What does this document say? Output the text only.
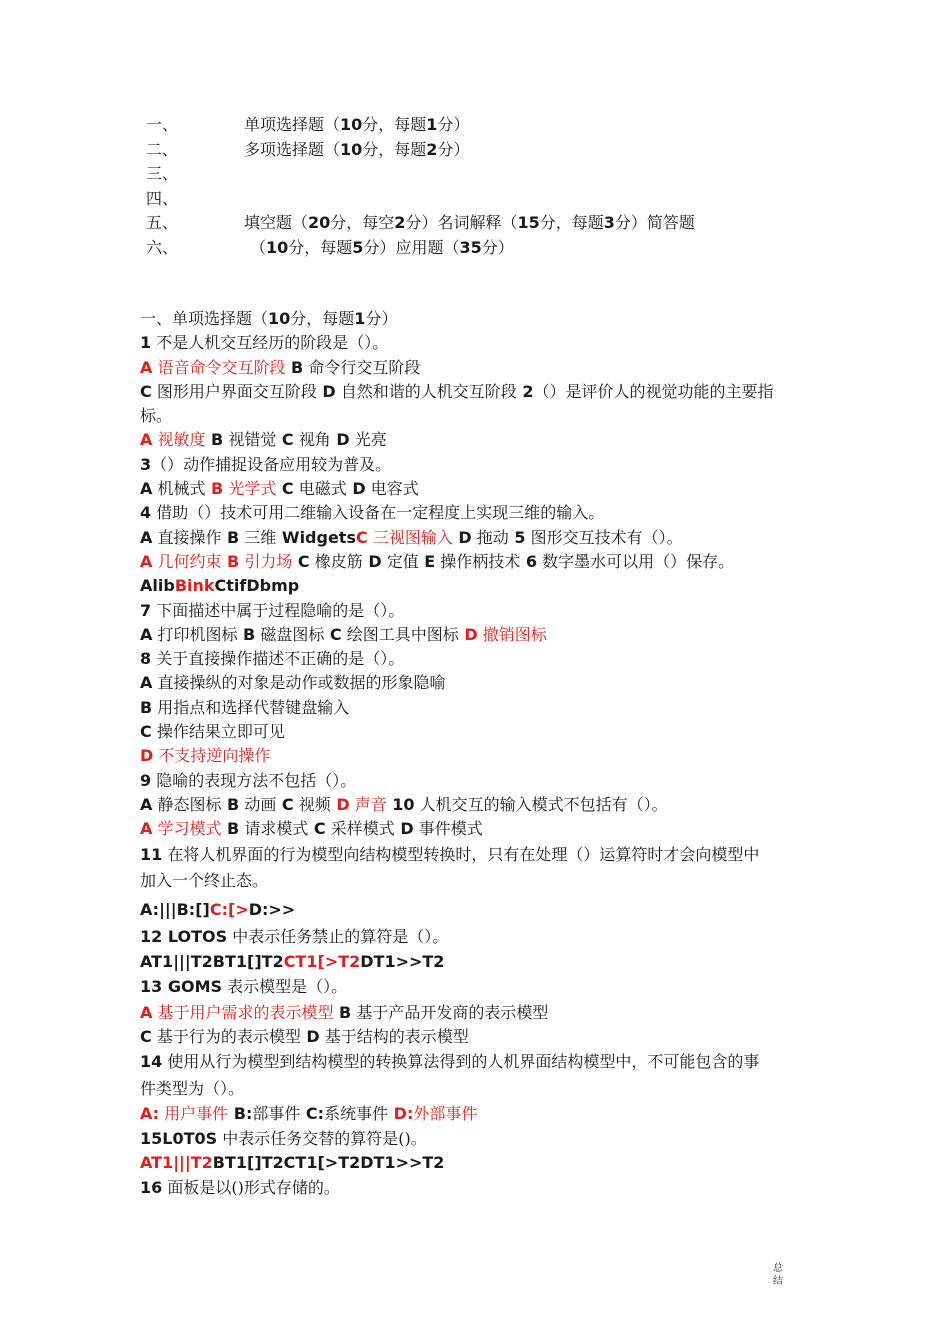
一、	单项选择题（10分，每题1分）
二、	多项选择题（10分，每题2分）
三、
四、
五、	填空题（20分，每空2分）名词解释（15分，每题3分）简答题
六、	（10分，每题5分）应用题（35分）
一、单项选择题（10分，每题1分）
1 不是人机交互经历的阶段是（）。
A 语音命令交互阶段 B 命令行交互阶段
C 图形用户界面交互阶段 D 自然和谐的人机交互阶段 2（）是评价人的视觉功能的主要指
标。
A 视敏度 B 视错觉 C 视角 D 光亮
3（）动作捕捉设备应用较为普及。
A 机械式 B 光学式 C 电磁式 D 电容式
4 借助（）技术可用二维输入设备在一定程度上实现三维的输入。
A 直接操作 B 三维 WidgetsC 三视图输入 D 拖动 5 图形交互技术有（）。
A 几何约束 B 引力场 C 橡皮筋 D 定值 E 操作柄技术 6 数字墨水可以用（）保存。
AlibBinkCtifDbmp
7 下面描述中属于过程隐喻的是（）。
A 打印机图标 B 磁盘图标 C 绘图工具中图标 D 撤销图标
8 关于直接操作描述不正确的是（）。
A 直接操纵的对象是动作或数据的形象隐喻
B 用指点和选择代替键盘输入
C 操作结果立即可见
D 不支持逆向操作
9 隐喻的表现方法不包括（）。
A 静态图标 B 动画 C 视频 D 声音 10 人机交互的输入模式不包括有（）。
A 学习模式 B 请求模式 C 采样模式 D 事件模式
11 在将人机界面的行为模型向结构模型转换时，只有在处理（）运算符时才会向模型中
加入一个终止态。
A:|||B:[]C:[>D:>>
12 LOTOS 中表示任务禁止的算符是（）。
AT1|||T2BT1[]T2CT1[>T2DT1>>T2
13 GOMS 表示模型是（）。
A 基于用户需求的表示模型 B 基于产品开发商的表示模型
C 基于行为的表示模型 D 基于结构的表示模型
14 使用从行为模型到结构模型的转换算法得到的人机界面结构模型中，不可能包含的事
件类型为（）。
A: 用户事件 B:部事件 C:系统事件 D:外部事件
15L0T0S 中表示任务交替的算符是()。
AT1|||T2BT1[]T2CT1[>T2DT1>>T2
16 面板是以()形式存储的。
总
结
